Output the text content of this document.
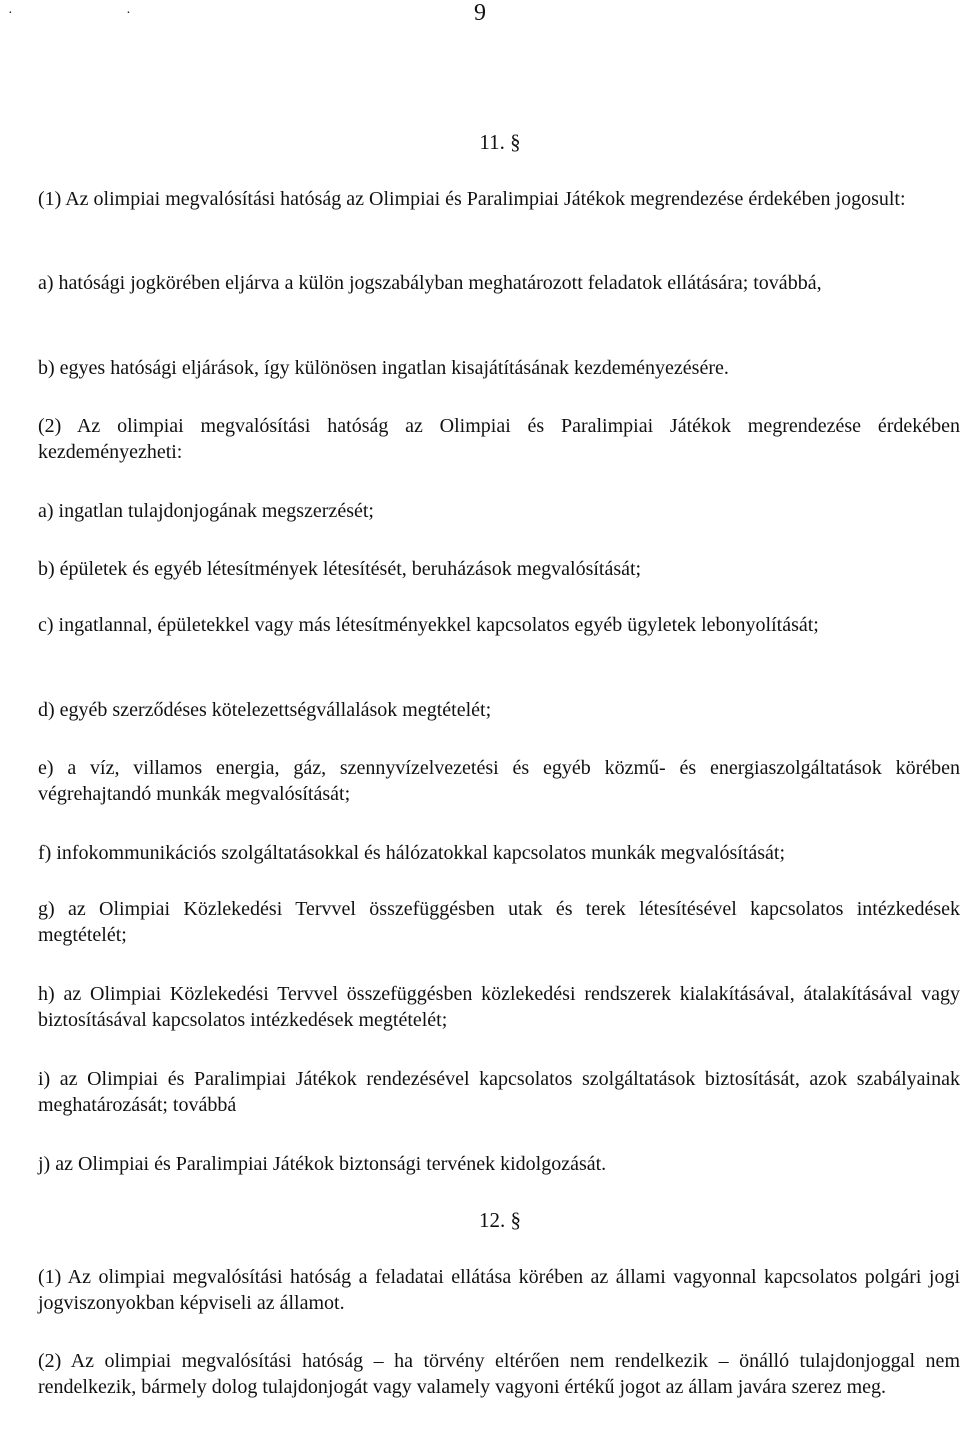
· ·	9
11. §

(1) Az olimpiai megvalósítási hatóság az Olimpiai és Paralimpiai Játékok megrendezése érdekében jogosult:

a) hatósági jogkörében eljárva a külön jogszabályban meghatározott feladatok ellátására; továbbá,

b) egyes hatósági eljárások, így különösen ingatlan kisajátításának kezdeményezésére.

(2) Az olimpiai megvalósítási hatóság az Olimpiai és Paralimpiai Játékok megrendezése érdekében kezdeményezheti:

a) ingatlan tulajdonjogának megszerzését;

b) épületek és egyéb létesítmények létesítését, beruházások megvalósítását;

c) ingatlannal, épületekkel vagy más létesítményekkel kapcsolatos egyéb ügyletek lebonyolítását;

d) egyéb szerződéses kötelezettségvállalások megtételét;

e) a víz, villamos energia, gáz, szennyvízelvezetési és egyéb közmű- és energiaszolgáltatások körében végrehajtandó munkák megvalósítását;

f) infokommunikációs szolgáltatásokkal és hálózatokkal kapcsolatos munkák megvalósítását;

g) az Olimpiai Közlekedési Tervvel összefüggésben utak és terek létesítésével kapcsolatos intézkedések megtételét;

h) az Olimpiai Közlekedési Tervvel összefüggésben közlekedési rendszerek kialakításával, átalakításával vagy biztosításával kapcsolatos intézkedések megtételét;

i) az Olimpiai és Paralimpiai Játékok rendezésével kapcsolatos szolgáltatások biztosítását, azok szabályainak meghatározását; továbbá

j) az Olimpiai és Paralimpiai Játékok biztonsági tervének kidolgozását.

12. §

(1) Az olimpiai megvalósítási hatóság a feladatai ellátása körében az állami vagyonnal kapcsolatos polgári jogi jogviszonyokban képviseli az államot.

(2) Az olimpiai megvalósítási hatóság – ha törvény eltérően nem rendelkezik – önálló tulajdonjoggal nem rendelkezik, bármely dolog tulajdonjogát vagy valamely vagyoni értékű jogot az állam javára szerez meg.
